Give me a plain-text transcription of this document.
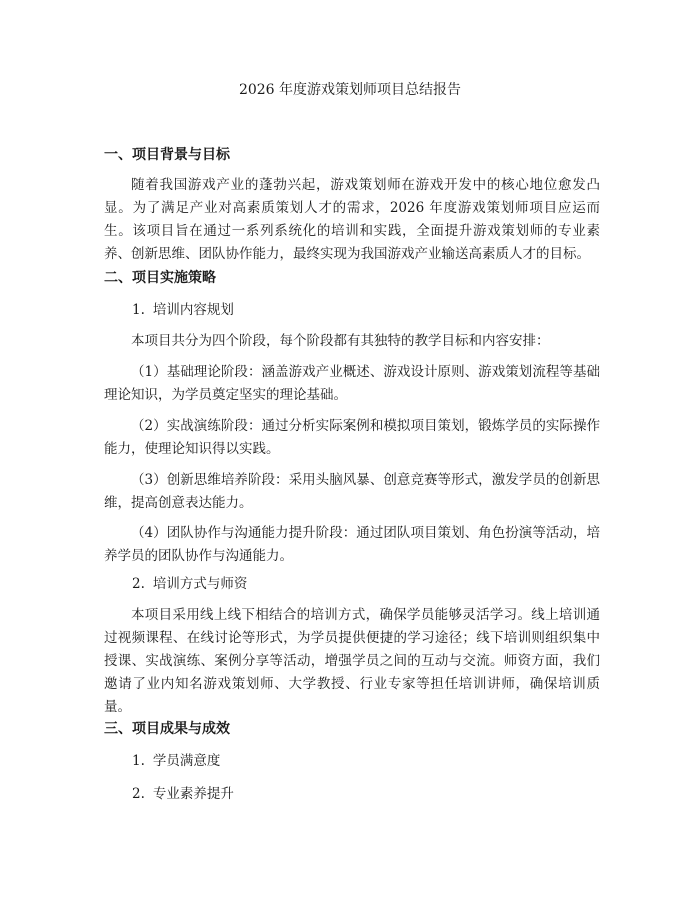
2026 年度游戏策划师项目总结报告
一、项目背景与目标

随着我国游戏产业的蓬勃兴起，游戏策划师在游戏开发中的核心地位愈发凸显。为了满足产业对高素质策划人才的需求，2026 年度游戏策划师项目应运而生。该项目旨在通过一系列系统化的培训和实践，全面提升游戏策划师的专业素养、创新思维、团队协作能力，最终实现为我国游戏产业输送高素质人才的目标。

二、项目实施策略

1. 培训内容规划

本项目共分为四个阶段，每个阶段都有其独特的教学目标和内容安排：

（1）基础理论阶段：涵盖游戏产业概述、游戏设计原则、游戏策划流程等基础理论知识，为学员奠定坚实的理论基础。

（2）实战演练阶段：通过分析实际案例和模拟项目策划，锻炼学员的实际操作能力，使理论知识得以实践。

（3）创新思维培养阶段：采用头脑风暴、创意竞赛等形式，激发学员的创新思维，提高创意表达能力。

（4）团队协作与沟通能力提升阶段：通过团队项目策划、角色扮演等活动，培养学员的团队协作与沟通能力。

2. 培训方式与师资

本项目采用线上线下相结合的培训方式，确保学员能够灵活学习。线上培训通过视频课程、在线讨论等形式，为学员提供便捷的学习途径；线下培训则组织集中授课、实战演练、案例分享等活动，增强学员之间的互动与交流。师资方面，我们邀请了业内知名游戏策划师、大学教授、行业专家等担任培训讲师，确保培训质量。

三、项目成果与成效

1. 学员满意度

2. 专业素养提升
